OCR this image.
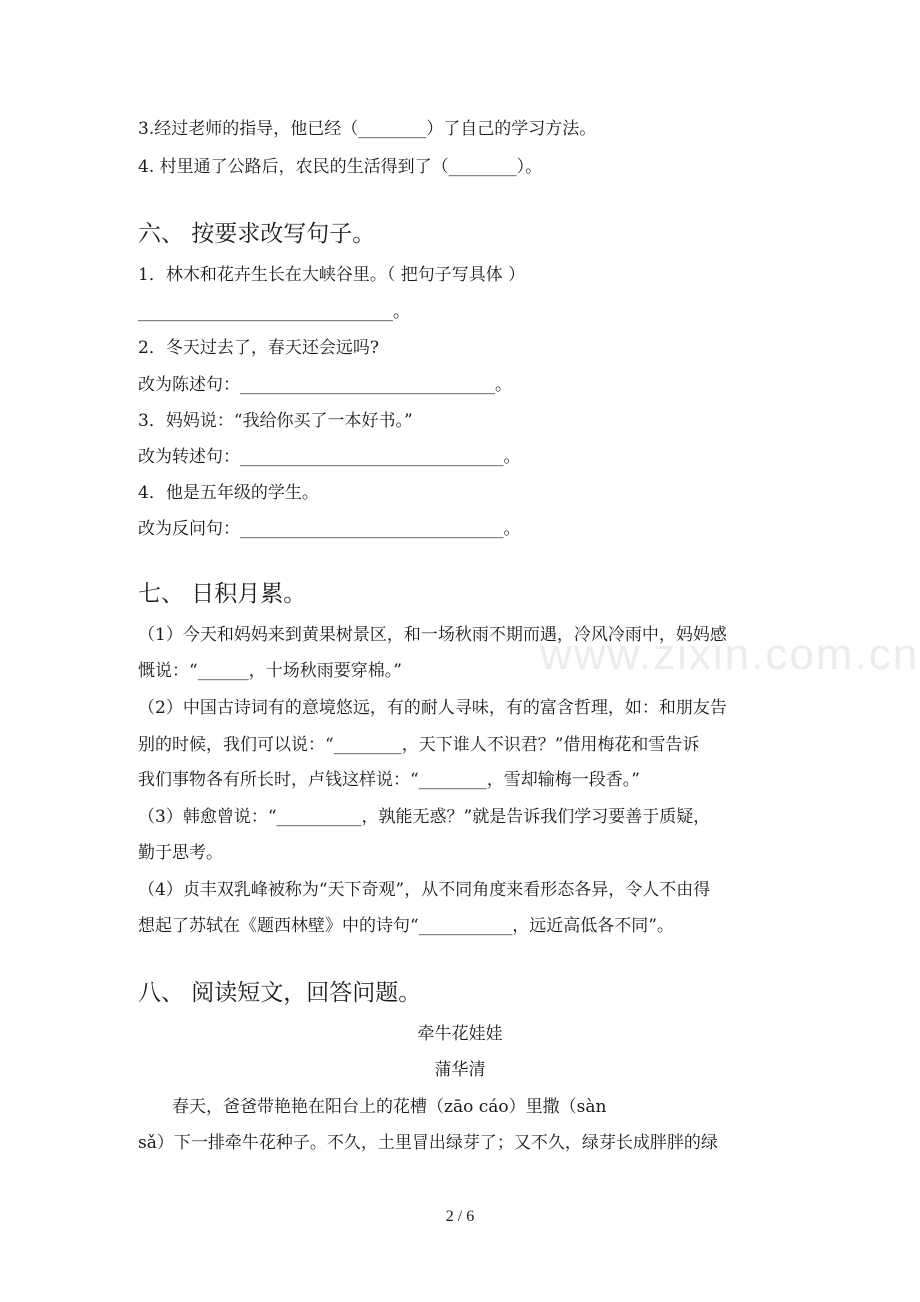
www.zixin.com.cn
3.经过老师的指导，他已经（________）了自己的学习方法。
4. 村里通了公路后，农民的生活得到了（________）。
六、 按要求改写句子。
1．林木和花卉生长在大峡谷里。（ 把句子写具体 ）
______________________________。
2．冬天过去了，春天还会远吗?
改为陈述句：______________________________。
3．妈妈说：“我给你买了一本好书。”
改为转述句：_______________________________。
4．他是五年级的学生。
改为反问句：_______________________________。
七、 日积月累。
（1）今天和妈妈来到黄果树景区，和一场秋雨不期而遇，冷风冷雨中，妈妈感
慨说：“______，十场秋雨要穿棉。”
（2）中国古诗词有的意境悠远，有的耐人寻味，有的富含哲理，如：和朋友告
别的时候，我们可以说：“________，天下谁人不识君？”借用梅花和雪告诉
我们事物各有所长时，卢钱这样说：“________，雪却输梅一段香。”
（3）韩愈曾说：“__________，孰能无惑？”就是告诉我们学习要善于质疑，
勤于思考。
（4）贞丰双乳峰被称为“天下奇观”，从不同角度来看形态各异，令人不由得
想起了苏轼在《题西林壁》中的诗句“___________，远近高低各不同”。
八、 阅读短文，回答问题。
牵牛花娃娃
蒲华清
春天，爸爸带艳艳在阳台上的花槽（zāo cáo）里撒（sàn
sǎ）下一排牵牛花种子。不久，土里冒出绿芽了；又不久，绿芽长成胖胖的绿
2 / 6
